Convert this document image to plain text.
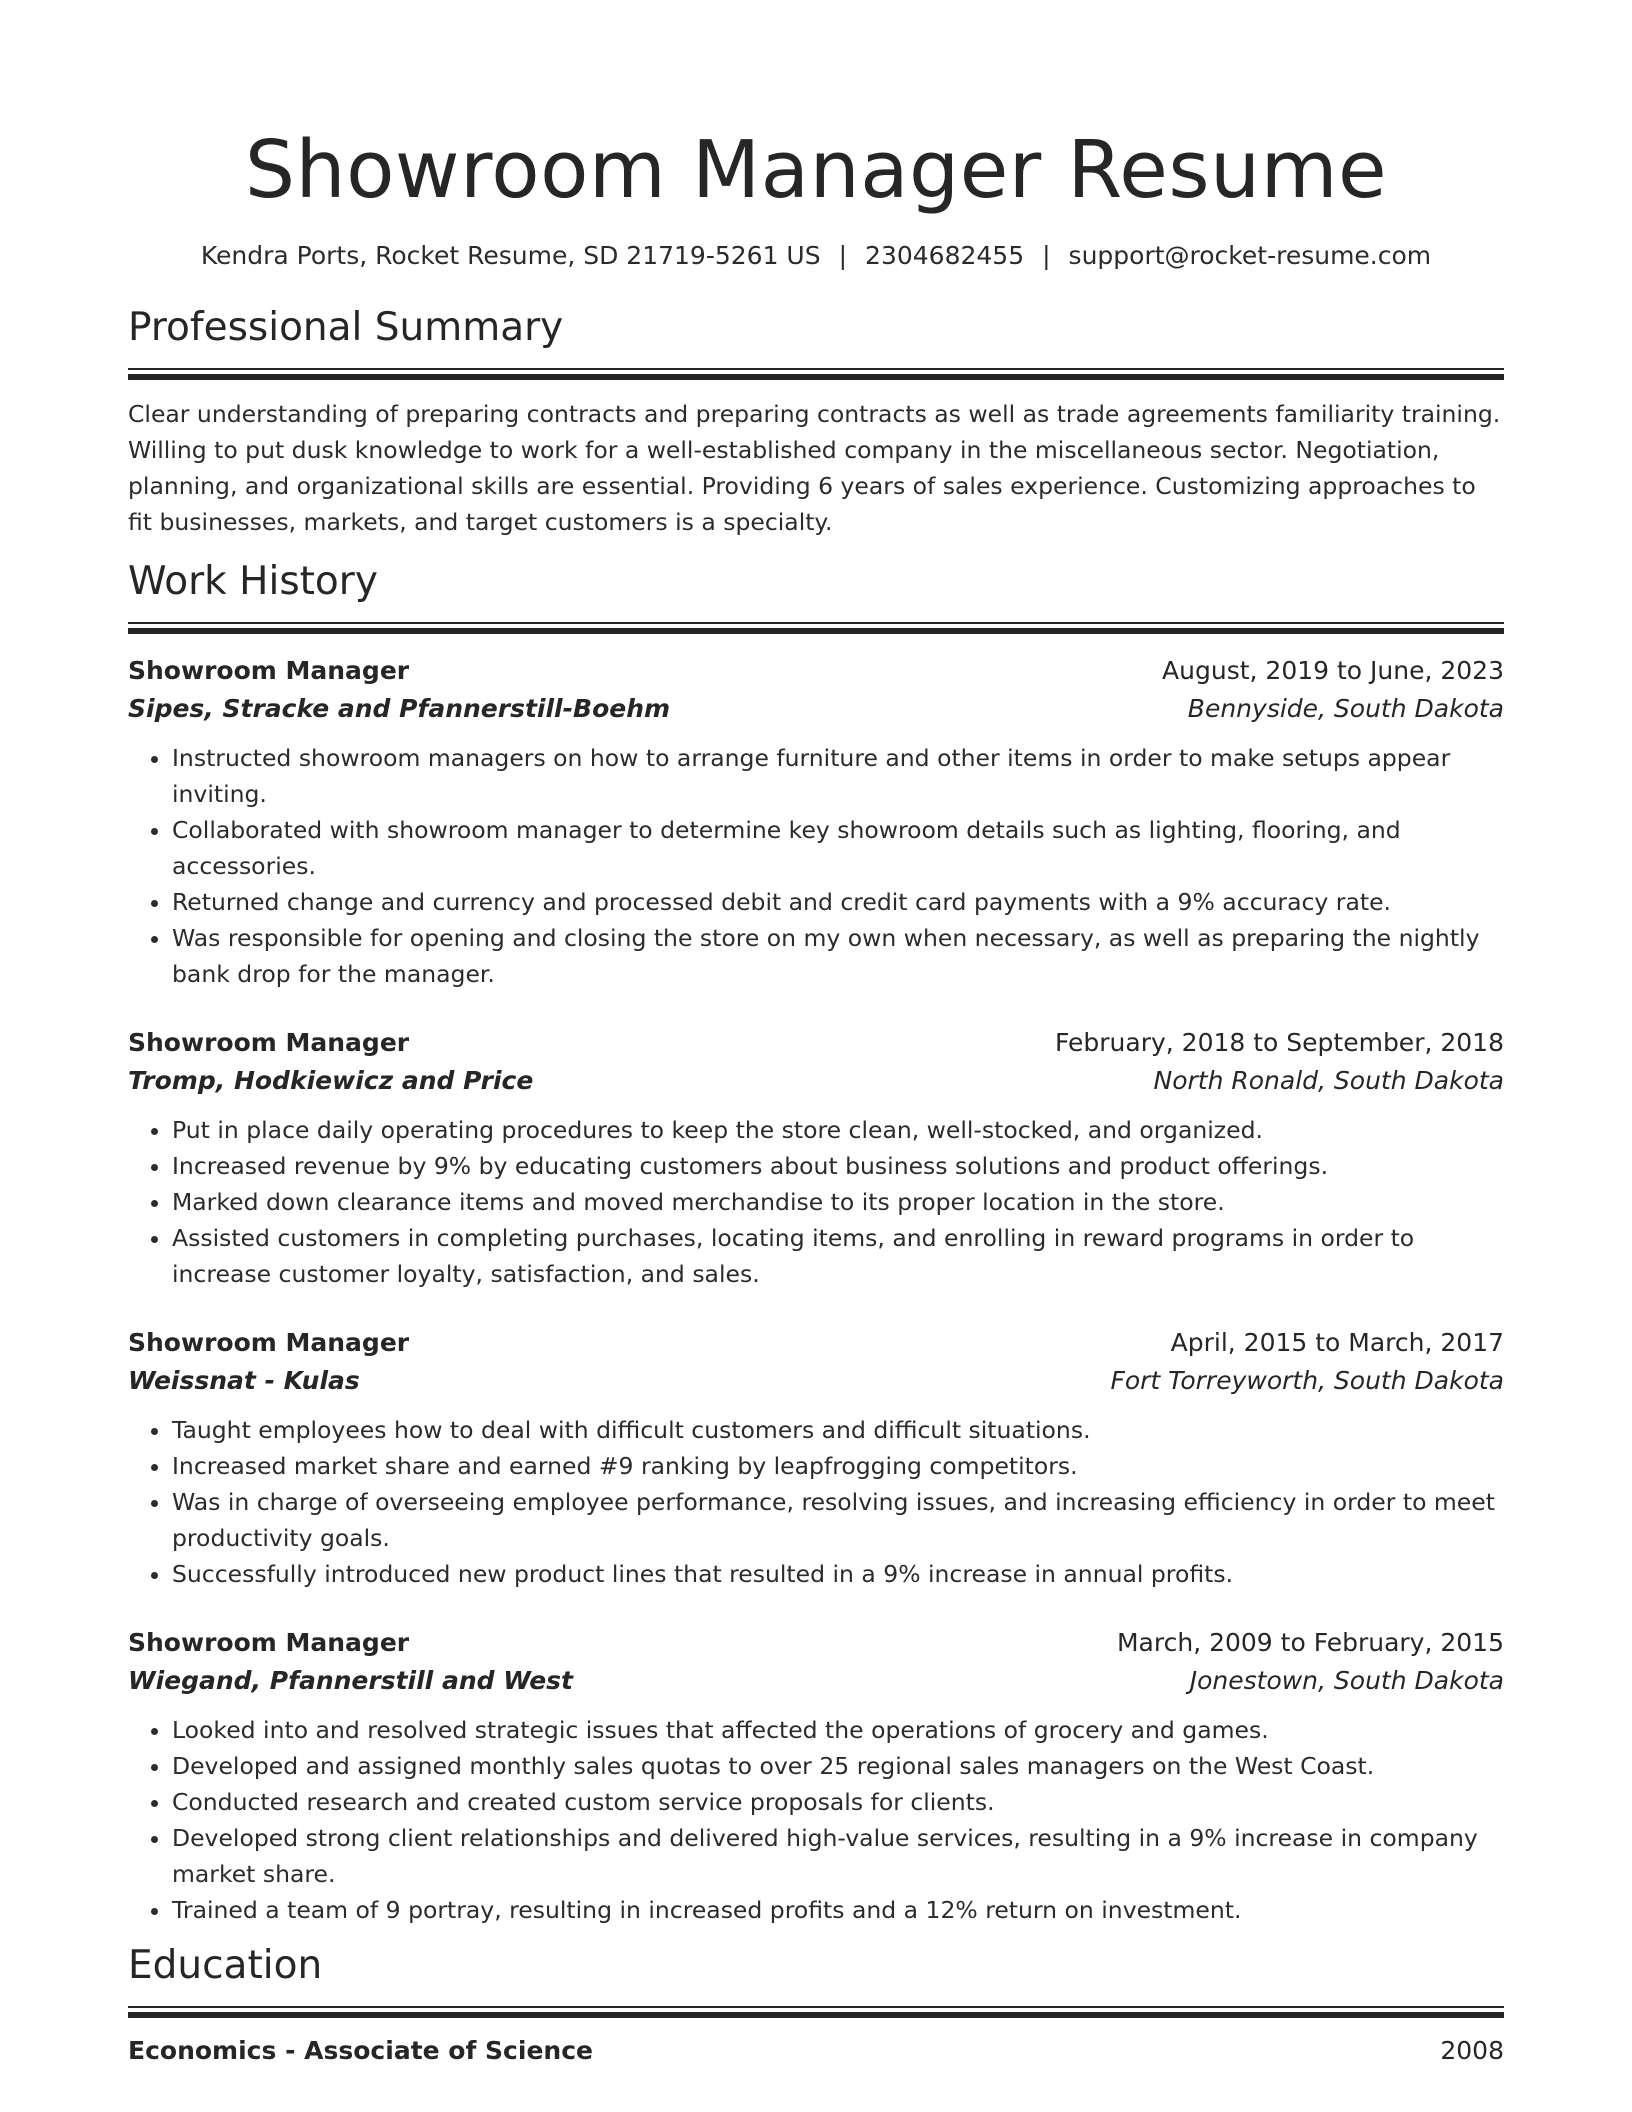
Showroom Manager Resume
Kendra Ports, Rocket Resume, SD 21719-5261 US | 2304682455 | support@rocket-resume.com
Professional Summary
Clear understanding of preparing contracts and preparing contracts as well as trade agreements familiarity training. Willing to put dusk knowledge to work for a well-established company in the miscellaneous sector. Negotiation, planning, and organizational skills are essential. Providing 6 years of sales experience. Customizing approaches to fit businesses, markets, and target customers is a specialty.
Work History
Showroom Manager	August, 2019 to June, 2023
Sipes, Stracke and Pfannerstill-Boehm	Bennyside, South Dakota
• Instructed showroom managers on how to arrange furniture and other items in order to make setups appear inviting.
• Collaborated with showroom manager to determine key showroom details such as lighting, flooring, and accessories.
• Returned change and currency and processed debit and credit card payments with a 9% accuracy rate.
• Was responsible for opening and closing the store on my own when necessary, as well as preparing the nightly bank drop for the manager.
Showroom Manager	February, 2018 to September, 2018
Tromp, Hodkiewicz and Price	North Ronald, South Dakota
• Put in place daily operating procedures to keep the store clean, well-stocked, and organized.
• Increased revenue by 9% by educating customers about business solutions and product offerings.
• Marked down clearance items and moved merchandise to its proper location in the store.
• Assisted customers in completing purchases, locating items, and enrolling in reward programs in order to increase customer loyalty, satisfaction, and sales.
Showroom Manager	April, 2015 to March, 2017
Weissnat - Kulas	Fort Torreyworth, South Dakota
• Taught employees how to deal with difficult customers and difficult situations.
• Increased market share and earned #9 ranking by leapfrogging competitors.
• Was in charge of overseeing employee performance, resolving issues, and increasing efficiency in order to meet productivity goals.
• Successfully introduced new product lines that resulted in a 9% increase in annual profits.
Showroom Manager	March, 2009 to February, 2015
Wiegand, Pfannerstill and West	Jonestown, South Dakota
• Looked into and resolved strategic issues that affected the operations of grocery and games.
• Developed and assigned monthly sales quotas to over 25 regional sales managers on the West Coast.
• Conducted research and created custom service proposals for clients.
• Developed strong client relationships and delivered high-value services, resulting in a 9% increase in company market share.
• Trained a team of 9 portray, resulting in increased profits and a 12% return on investment.
Education
Economics - Associate of Science	2008
